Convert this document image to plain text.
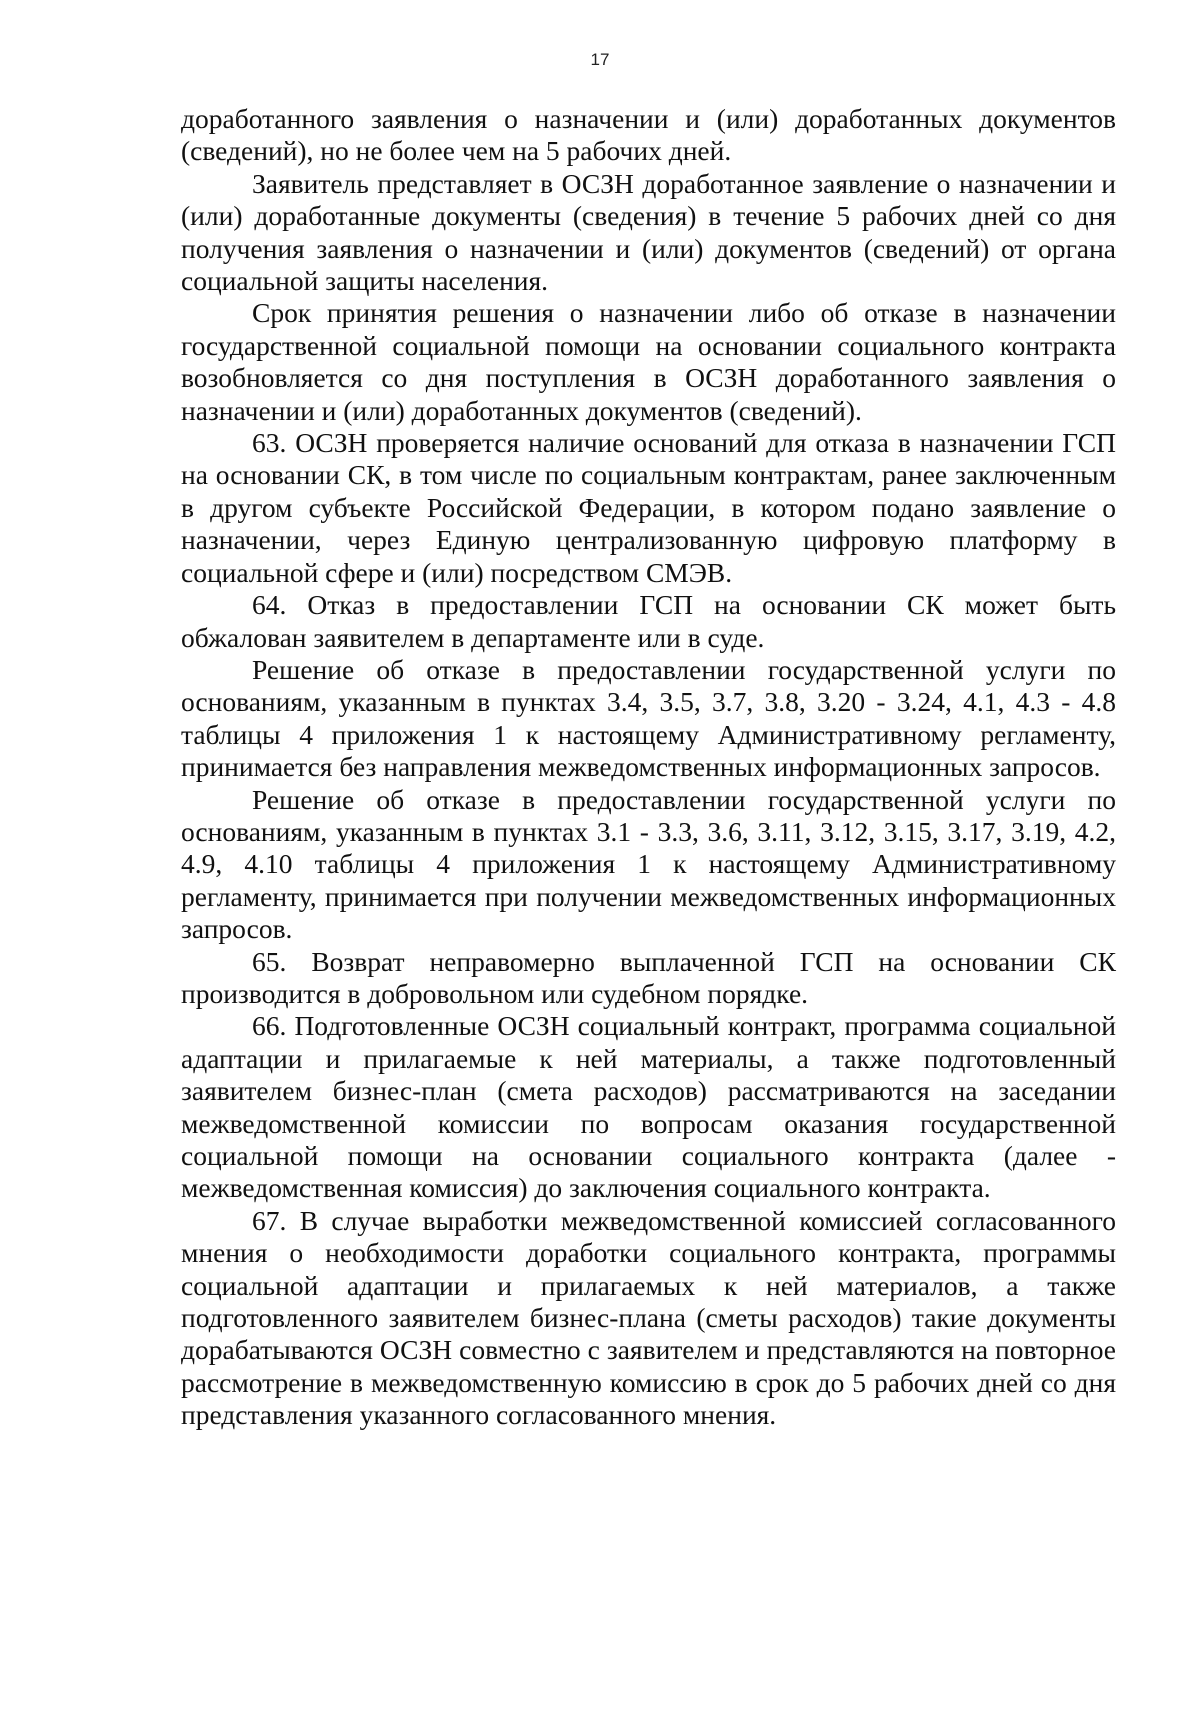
17

доработанного заявления о назначении и (или) доработанных документов (сведений), но не более чем на 5 рабочих дней.

Заявитель представляет в ОСЗН доработанное заявление о назначении и (или) доработанные документы (сведения) в течение 5 рабочих дней со дня получения заявления о назначении и (или) документов (сведений) от органа социальной защиты населения.

Срок принятия решения о назначении либо об отказе в назначении государственной социальной помощи на основании социального контракта возобновляется со дня поступления в ОСЗН доработанного заявления о назначении и (или) доработанных документов (сведений).

63. ОСЗН проверяется наличие оснований для отказа в назначении ГСП на основании СК, в том числе по социальным контрактам, ранее заключенным в другом субъекте Российской Федерации, в котором подано заявление о назначении, через Единую централизованную цифровую платформу в социальной сфере и (или) посредством СМЭВ.

64. Отказ в предоставлении ГСП на основании СК может быть обжалован заявителем в департаменте или в суде.

Решение об отказе в предоставлении государственной услуги по основаниям, указанным в пунктах 3.4, 3.5, 3.7, 3.8, 3.20 - 3.24, 4.1, 4.3 - 4.8 таблицы 4 приложения 1 к настоящему Административному регламенту, принимается без направления межведомственных информационных запросов.

Решение об отказе в предоставлении государственной услуги по основаниям, указанным в пунктах 3.1 - 3.3, 3.6, 3.11, 3.12, 3.15, 3.17, 3.19, 4.2, 4.9, 4.10 таблицы 4 приложения 1 к настоящему Административному регламенту, принимается при получении межведомственных информационных запросов.

65. Возврат неправомерно выплаченной ГСП на основании СК производится в добровольном или судебном порядке.

66. Подготовленные ОСЗН социальный контракт, программа социальной адаптации и прилагаемые к ней материалы, а также подготовленный заявителем бизнес-план (смета расходов) рассматриваются на заседании межведомственной комиссии по вопросам оказания государственной социальной помощи на основании социального контракта (далее - межведомственная комиссия) до заключения социального контракта.

67. В случае выработки межведомственной комиссией согласованного мнения о необходимости доработки социального контракта, программы социальной адаптации и прилагаемых к ней материалов, а также подготовленного заявителем бизнес-плана (сметы расходов) такие документы дорабатываются ОСЗН совместно с заявителем и представляются на повторное рассмотрение в межведомственную комиссию в срок до 5 рабочих дней со дня представления указанного согласованного мнения.
